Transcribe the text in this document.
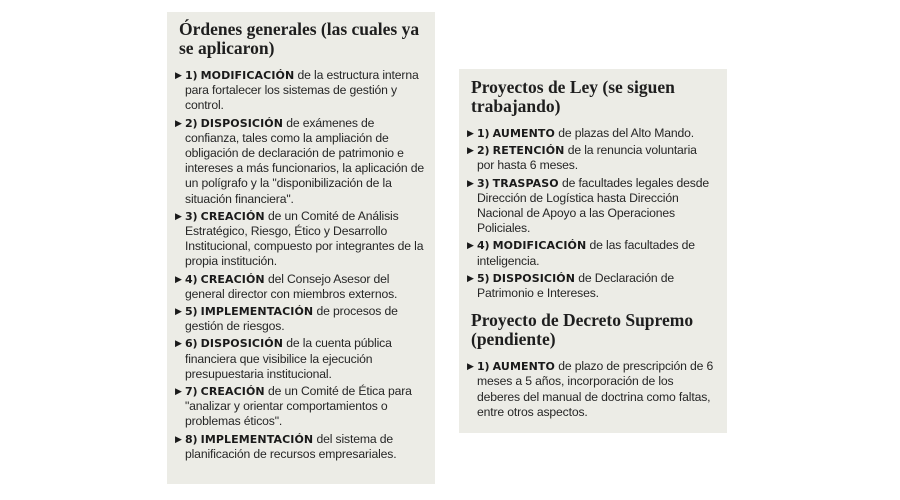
Órdenes generales (las cuales ya se aplicaron)
▶ 1) MODIFICACIÓN de la estructura interna para fortalecer los sistemas de gestión y control.
▶ 2) DISPOSICIÓN de exámenes de confianza, tales como la ampliación de obligación de declaración de patrimonio e intereses a más funcionarios, la aplicación de un polígrafo y la "disponibilización de la situación financiera".
▶ 3) CREACIÓN de un Comité de Análisis Estratégico, Riesgo, Ético y Desarrollo Institucional, compuesto por integrantes de la propia institución.
▶ 4) CREACIÓN del Consejo Asesor del general director con miembros externos.
▶ 5) IMPLEMENTACIÓN de procesos de gestión de riesgos.
▶ 6) DISPOSICIÓN de la cuenta pública financiera que visibilice la ejecución presupuestaria institucional.
▶ 7) CREACIÓN de un Comité de Ética para "analizar y orientar comportamientos o problemas éticos".
▶ 8) IMPLEMENTACIÓN del sistema de planificación de recursos empresariales.
Proyectos de Ley (se siguen trabajando)
▶ 1) AUMENTO de plazas del Alto Mando.
▶ 2) RETENCIÓN de la renuncia voluntaria por hasta 6 meses.
▶ 3) TRASPASO de facultades legales desde Dirección de Logística hasta Dirección Nacional de Apoyo a las Operaciones Policiales.
▶ 4) MODIFICACIÓN de las facultades de inteligencia.
▶ 5) DISPOSICIÓN de Declaración de Patrimonio e Intereses.
Proyecto de Decreto Supremo (pendiente)
▶ 1) AUMENTO de plazo de prescripción de 6 meses a 5 años, incorporación de los deberes del manual de doctrina como faltas, entre otros aspectos.
